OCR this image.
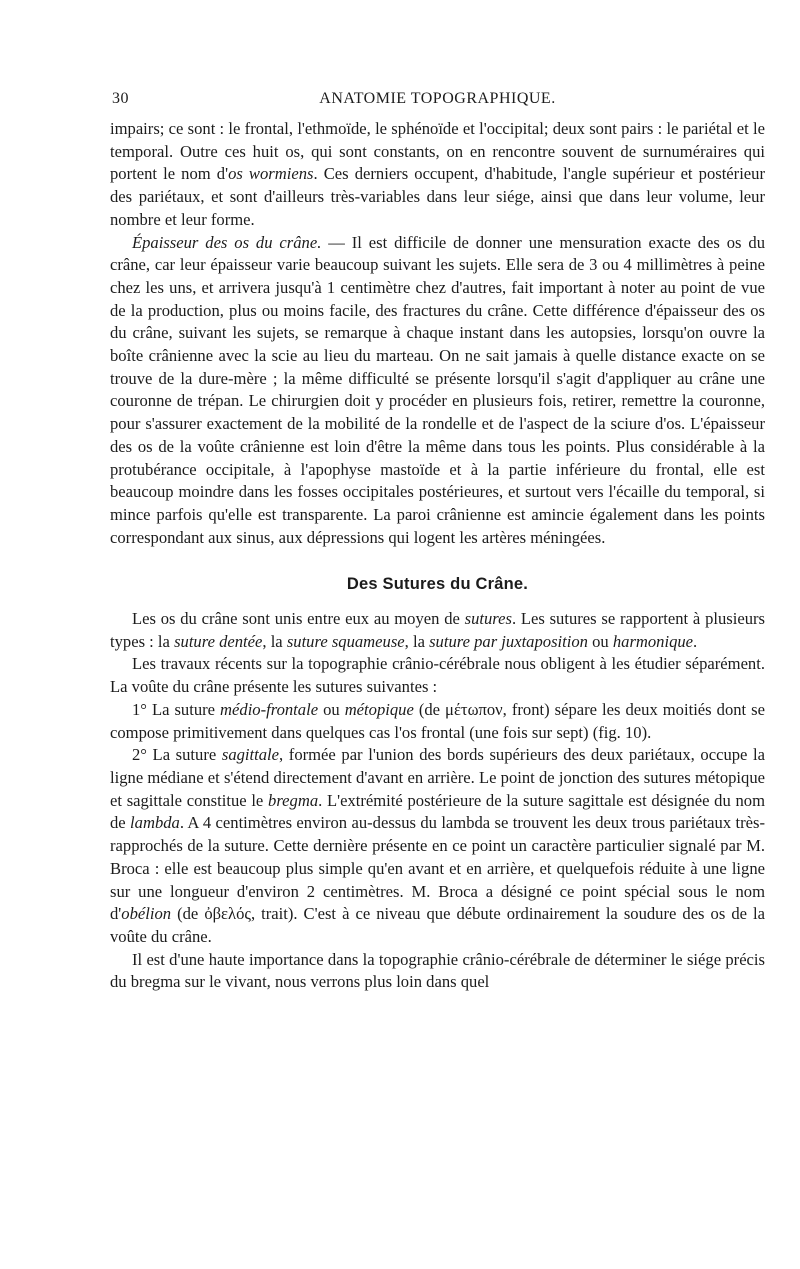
30	ANATOMIE TOPOGRAPHIQUE.

impairs; ce sont : le frontal, l'ethmoïde, le sphénoïde et l'occipital; deux sont pairs : le pariétal et le temporal. Outre ces huit os, qui sont constants, on en rencontre souvent de surnuméraires qui portent le nom d'os wormiens. Ces derniers occupent, d'habitude, l'angle supérieur et postérieur des pariétaux, et sont d'ailleurs très-variables dans leur siége, ainsi que dans leur volume, leur nombre et leur forme.

Épaisseur des os du crâne. — Il est difficile de donner une mensuration exacte des os du crâne, car leur épaisseur varie beaucoup suivant les sujets. Elle sera de 3 ou 4 millimètres à peine chez les uns, et arrivera jusqu'à 1 centimètre chez d'autres, fait important à noter au point de vue de la production, plus ou moins facile, des fractures du crâne. Cette différence d'épaisseur des os du crâne, suivant les sujets, se remarque à chaque instant dans les autopsies, lorsqu'on ouvre la boîte crânienne avec la scie au lieu du marteau. On ne sait jamais à quelle distance exacte on se trouve de la dure-mère ; la même difficulté se présente lorsqu'il s'agit d'appliquer au crâne une couronne de trépan. Le chirurgien doit y procéder en plusieurs fois, retirer, remettre la couronne, pour s'assurer exactement de la mobilité de la rondelle et de l'aspect de la sciure d'os. L'épaisseur des os de la voûte crânienne est loin d'être la même dans tous les points. Plus considérable à la protubérance occipitale, à l'apophyse mastoïde et à la partie inférieure du frontal, elle est beaucoup moindre dans les fosses occipitales postérieures, et surtout vers l'écaille du temporal, si mince parfois qu'elle est transparente. La paroi crânienne est amincie également dans les points correspondant aux sinus, aux dépressions qui logent les artères méningées.

Des Sutures du Crâne.

Les os du crâne sont unis entre eux au moyen de sutures. Les sutures se rapportent à plusieurs types : la suture dentée, la suture squameuse, la suture par juxtaposition ou harmonique.

Les travaux récents sur la topographie crânio-cérébrale nous obligent à les étudier séparément. La voûte du crâne présente les sutures suivantes :

1° La suture médio-frontale ou métopique (de μέτωπον, front) sépare les deux moitiés dont se compose primitivement dans quelques cas l'os frontal (une fois sur sept) (fig. 10).

2° La suture sagittale, formée par l'union des bords supérieurs des deux pariétaux, occupe la ligne médiane et s'étend directement d'avant en arrière. Le point de jonction des sutures métopique et sagittale constitue le bregma. L'extrémité postérieure de la suture sagittale est désignée du nom de lambda. A 4 centimètres environ au-dessus du lambda se trouvent les deux trous pariétaux très-rapprochés de la suture. Cette dernière présente en ce point un caractère particulier signalé par M. Broca : elle est beaucoup plus simple qu'en avant et en arrière, et quelquefois réduite à une ligne sur une longueur d'environ 2 centimètres. M. Broca a désigné ce point spécial sous le nom d'obélion (de ὀβελός, trait). C'est à ce niveau que débute ordinairement la soudure des os de la voûte du crâne.

Il est d'une haute importance dans la topographie crânio-cérébrale de déterminer le siége précis du bregma sur le vivant, nous verrons plus loin dans quel
